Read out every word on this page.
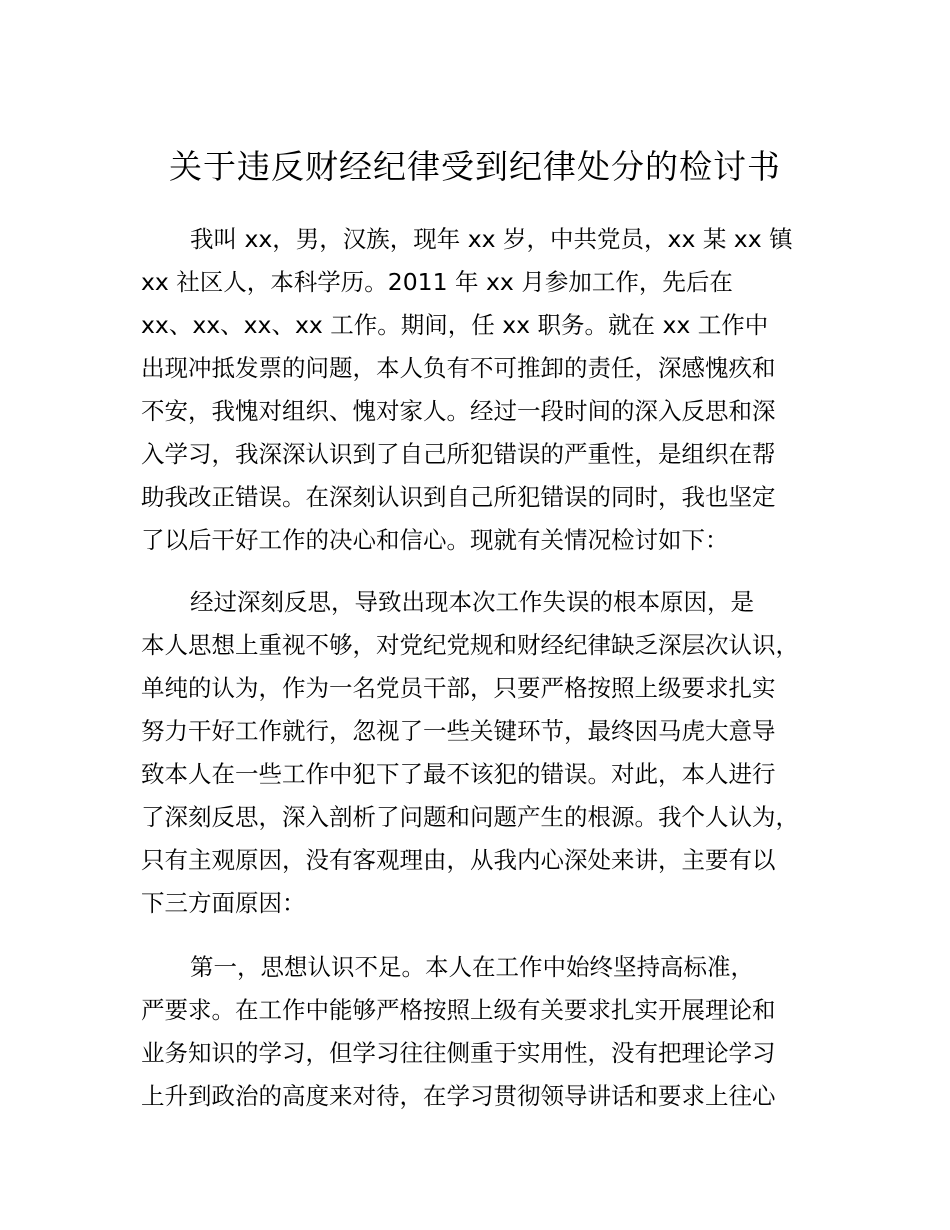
关于违反财经纪律受到纪律处分的检讨书
我叫 xx，男，汉族，现年 xx 岁，中共党员，xx 某 xx 镇
xx 社区人，本科学历。2011 年 xx 月参加工作，先后在
xx、xx、xx、xx 工作。期间，任 xx 职务。就在 xx 工作中
出现冲抵发票的问题，本人负有不可推卸的责任，深感愧疚和
不安，我愧对组织、愧对家人。经过一段时间的深入反思和深
入学习，我深深认识到了自己所犯错误的严重性，是组织在帮
助我改正错误。在深刻认识到自己所犯错误的同时，我也坚定
了以后干好工作的决心和信心。现就有关情况检讨如下：
经过深刻反思，导致出现本次工作失误的根本原因，是
本人思想上重视不够，对党纪党规和财经纪律缺乏深层次认识，
单纯的认为，作为一名党员干部，只要严格按照上级要求扎实
努力干好工作就行，忽视了一些关键环节，最终因马虎大意导
致本人在一些工作中犯下了最不该犯的错误。对此，本人进行
了深刻反思，深入剖析了问题和问题产生的根源。我个人认为，
只有主观原因，没有客观理由，从我内心深处来讲，主要有以
下三方面原因：
第一，思想认识不足。本人在工作中始终坚持高标准，
严要求。在工作中能够严格按照上级有关要求扎实开展理论和
业务知识的学习，但学习往往侧重于实用性，没有把理论学习
上升到政治的高度来对待，在学习贯彻领导讲话和要求上往心
